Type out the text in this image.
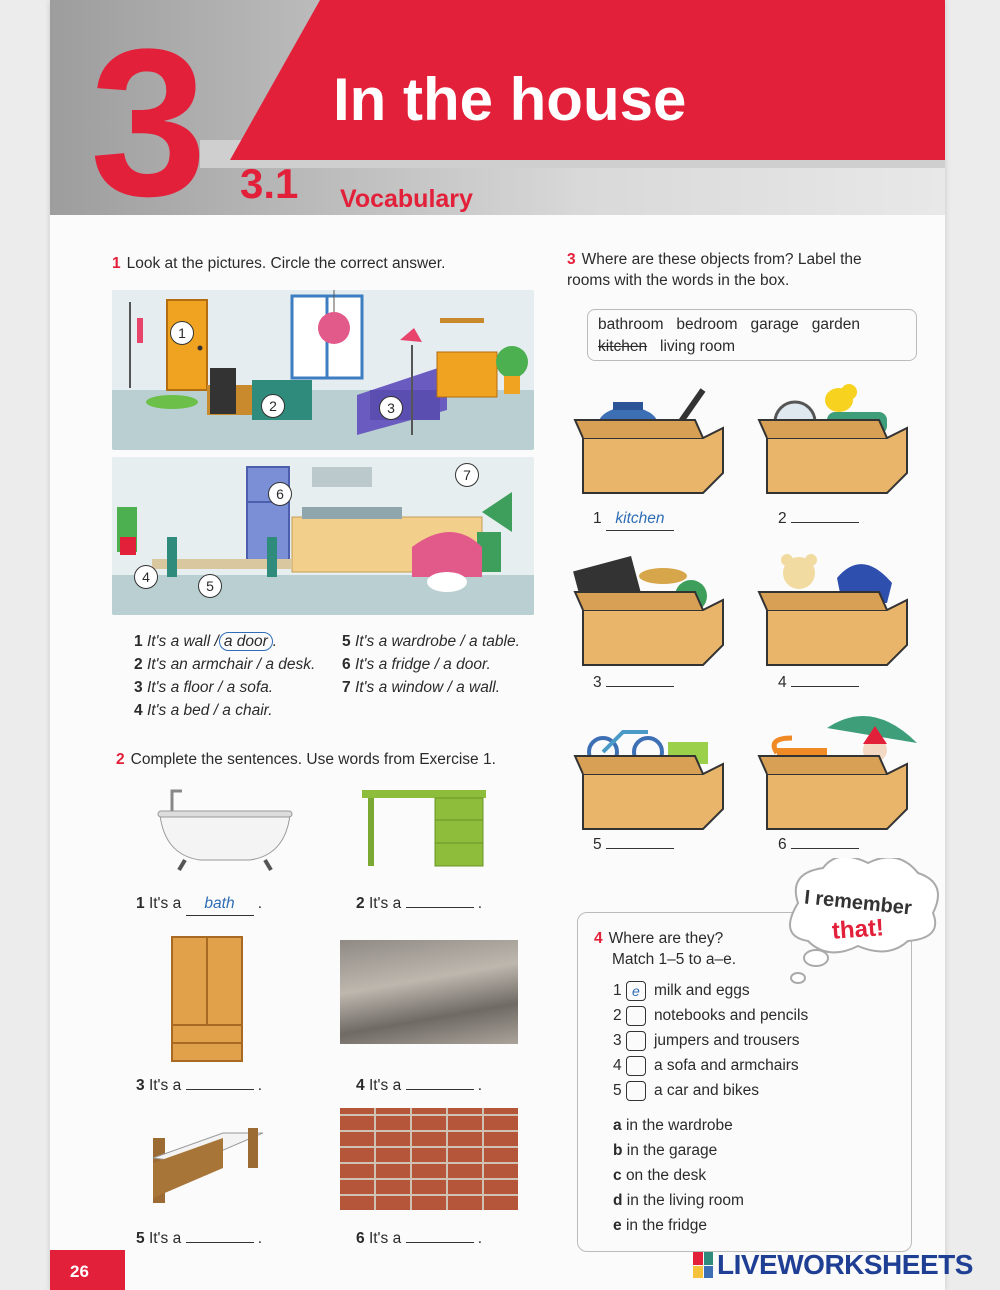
3 In the house
3.1 Vocabulary
1 Look at the pictures. Circle the correct answer.
1
2	3
7
6
4
5
1 It's a wall / a door .
2 It's an armchair / a desk.
3 It's a floor / a sofa.
4 It's a bed / a chair.
5 It's a wardrobe / a table.
6 It's a fridge / a door.
7 It's a window / a wall.
2 Complete the sentences. Use words from Exercise 1.
1 It's a bath .	2 It's a	.
3 It's a	.	4 It's a	.
5 It's a	.	6 It's a	.
3 Where are these objects from? Label the rooms with the words in the box.
bathroom bedroom garage garden
kitchen living room
1 kitchen	2
3	4
5	6
I remember
that!
4 Where are they?
Match 1–5 to a–e.
1 e milk and eggs
2 notebooks and pencils
3 jumpers and trousers
4 a sofa and armchairs
5 a car and bikes
a in the wardrobe
b in the garage
c on the desk
d in the living room
e in the fridge
26	LIVEWORKSHEETS
